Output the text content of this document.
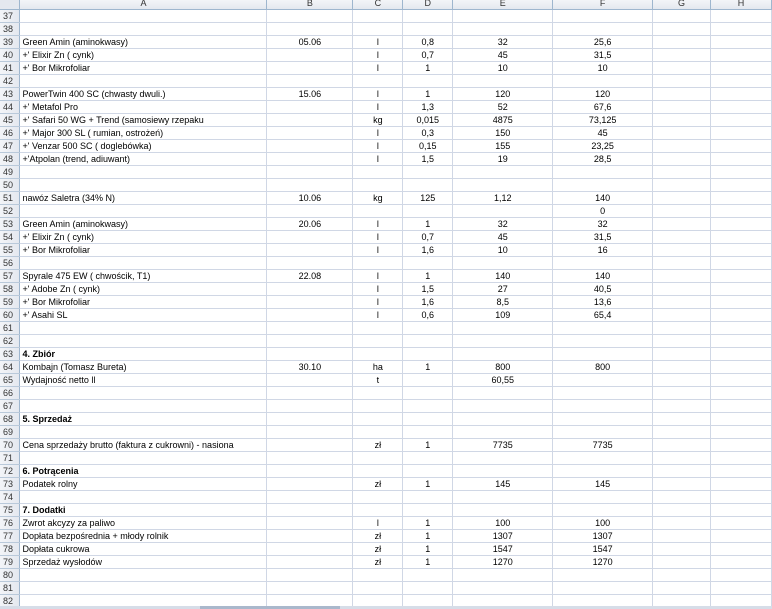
	A	B	C	D	E	F	G	H
37								
38								
39	Green Amin (aminokwasy)	05.06	l	0,8	32	25,6		
40	+' Elixir Zn ( cynk)		l	0,7	45	31,5		
41	+' Bor Mikrofoliar		l	1	10	10		
42								
43	PowerTwin 400 SC (chwasty dwuli.)	15.06	l	1	120	120		
44	+' Metafol Pro		l	1,3	52	67,6		
45	+' Safari 50 WG + Trend (samosiewy rzepaku		kg	0,015	4875	73,125		
46	+' Major 300 SL ( rumian, ostrożeń)		l	0,3	150	45		
47	+' Venzar 500 SC ( doglebówka)		l	0,15	155	23,25		
48	+'Atpolan (trend, adiuwant)		l	1,5	19	28,5		
49								
50								
51	nawóz Saletra (34% N)	10.06	kg	125	1,12	140		
52						0		
53	Green Amin (aminokwasy)	20.06	l	1	32	32		
54	+' Elixir Zn ( cynk)		l	0,7	45	31,5		
55	+' Bor Mikrofoliar		l	1,6	10	16		
56								
57	Spyrale 475 EW ( chwościk, T1)	22.08	l	1	140	140		
58	+' Adobe Zn ( cynk)		l	1,5	27	40,5		
59	+' Bor Mikrofoliar		l	1,6	8,5	13,6		
60	+' Asahi SL		l	0,6	109	65,4		
61								
62								
63	4. Zbiór							
64	Kombajn (Tomasz Bureta)	30.10	ha	1	800	800		
65	Wydajność netto ll		t		60,55			
66								
67								
68	5. Sprzedaż							
69								
70	Cena sprzedaży brutto (faktura z cukrowni) - nasiona		zł	1	7735	7735		
71								
72	6. Potrącenia							
73	Podatek rolny		zł	1	145	145		
74								
75	7. Dodatki							
76	Zwrot akcyzy za paliwo		l	1	100	100		
77	Dopłata bezpośrednia + młody rolnik		zł	1	1307	1307		
78	Dopłata cukrowa		zł	1	1547	1547		
79	Sprzedaż wysłodów		zł	1	1270	1270		
80								
81								
82								
